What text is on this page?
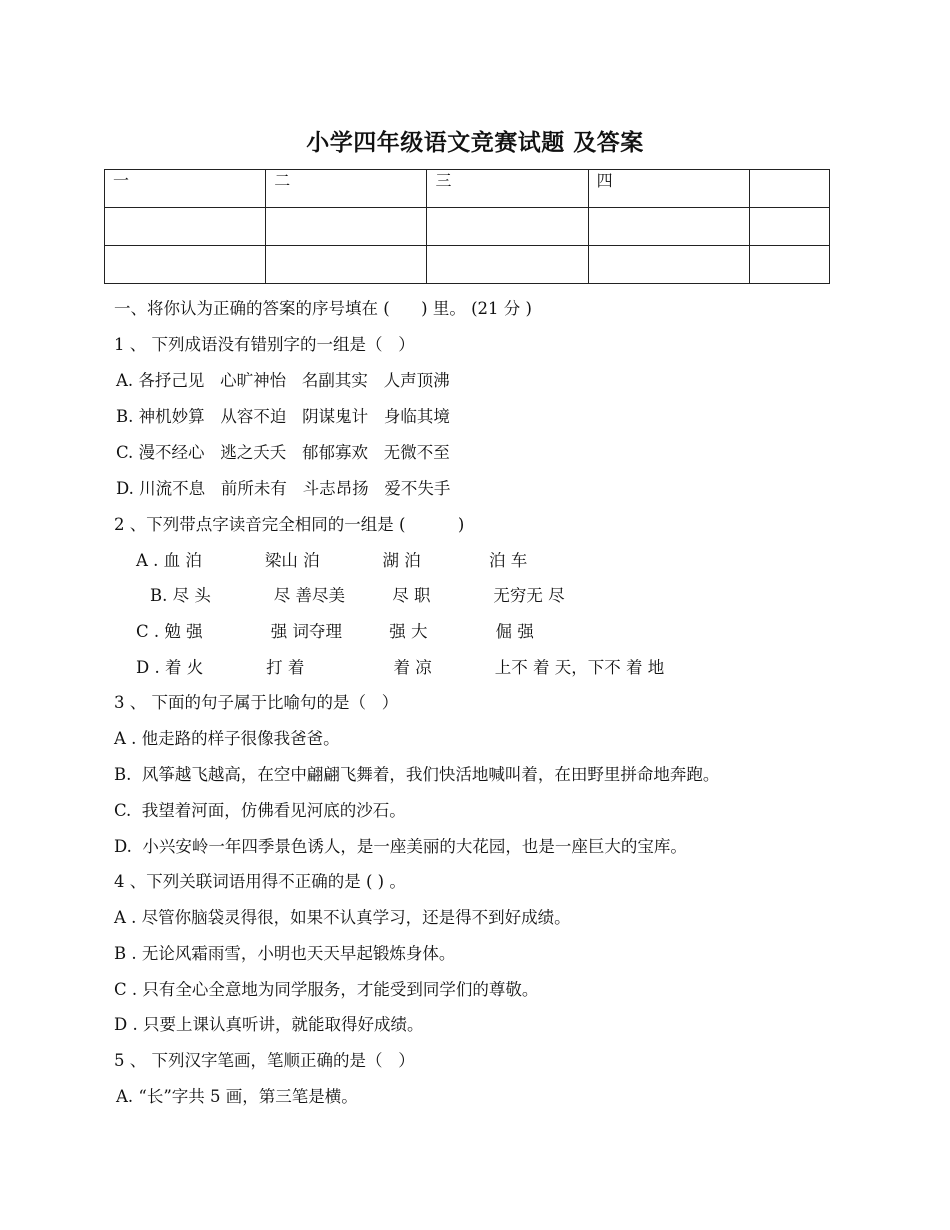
小学四年级语文竞赛试题 及答案
一	二	三	四	

一、将你认为正确的答案的序号填在 (      ) 里。 (21 分 )
1 、 下列成语没有错别字的一组是（   ）
A. 各抒己见   心旷神怡   名副其实   人声顶沸
B. 神机妙算   从容不迫   阴谋鬼计   身临其境
C. 漫不经心   逃之夭夭   郁郁寡欢   无微不至
D. 川流不息   前所未有   斗志昂扬   爱不失手
2 、下列带点字读音完全相同的一组是 (          )
A . 血 泊            梁山 泊            湖 泊             泊 车
B. 尽 头            尽 善尽美         尽 职            无穷无 尽
C . 勉 强             强 词夺理         强 大             倔 强
D . 着 火            打 着                 着 凉            上不 着 天，下不 着 地
3 、 下面的句子属于比喻句的是（   ）
A . 他走路的样子很像我爸爸。
B.  风筝越飞越高，在空中翩翩飞舞着，我们快活地喊叫着，在田野里拼命地奔跑。
C.  我望着河面，仿佛看见河底的沙石。
D.  小兴安岭一年四季景色诱人，是一座美丽的大花园，也是一座巨大的宝库。
4 、下列关联词语用得不正确的是 ( ) 。
A . 尽管你脑袋灵得很，如果不认真学习，还是得不到好成绩。
B . 无论风霜雨雪，小明也天天早起锻炼身体。
C . 只有全心全意地为同学服务，才能受到同学们的尊敬。
D . 只要上课认真听讲，就能取得好成绩。
5 、 下列汉字笔画，笔顺正确的是（   ）
A. “长”字共 5 画，第三笔是横。
